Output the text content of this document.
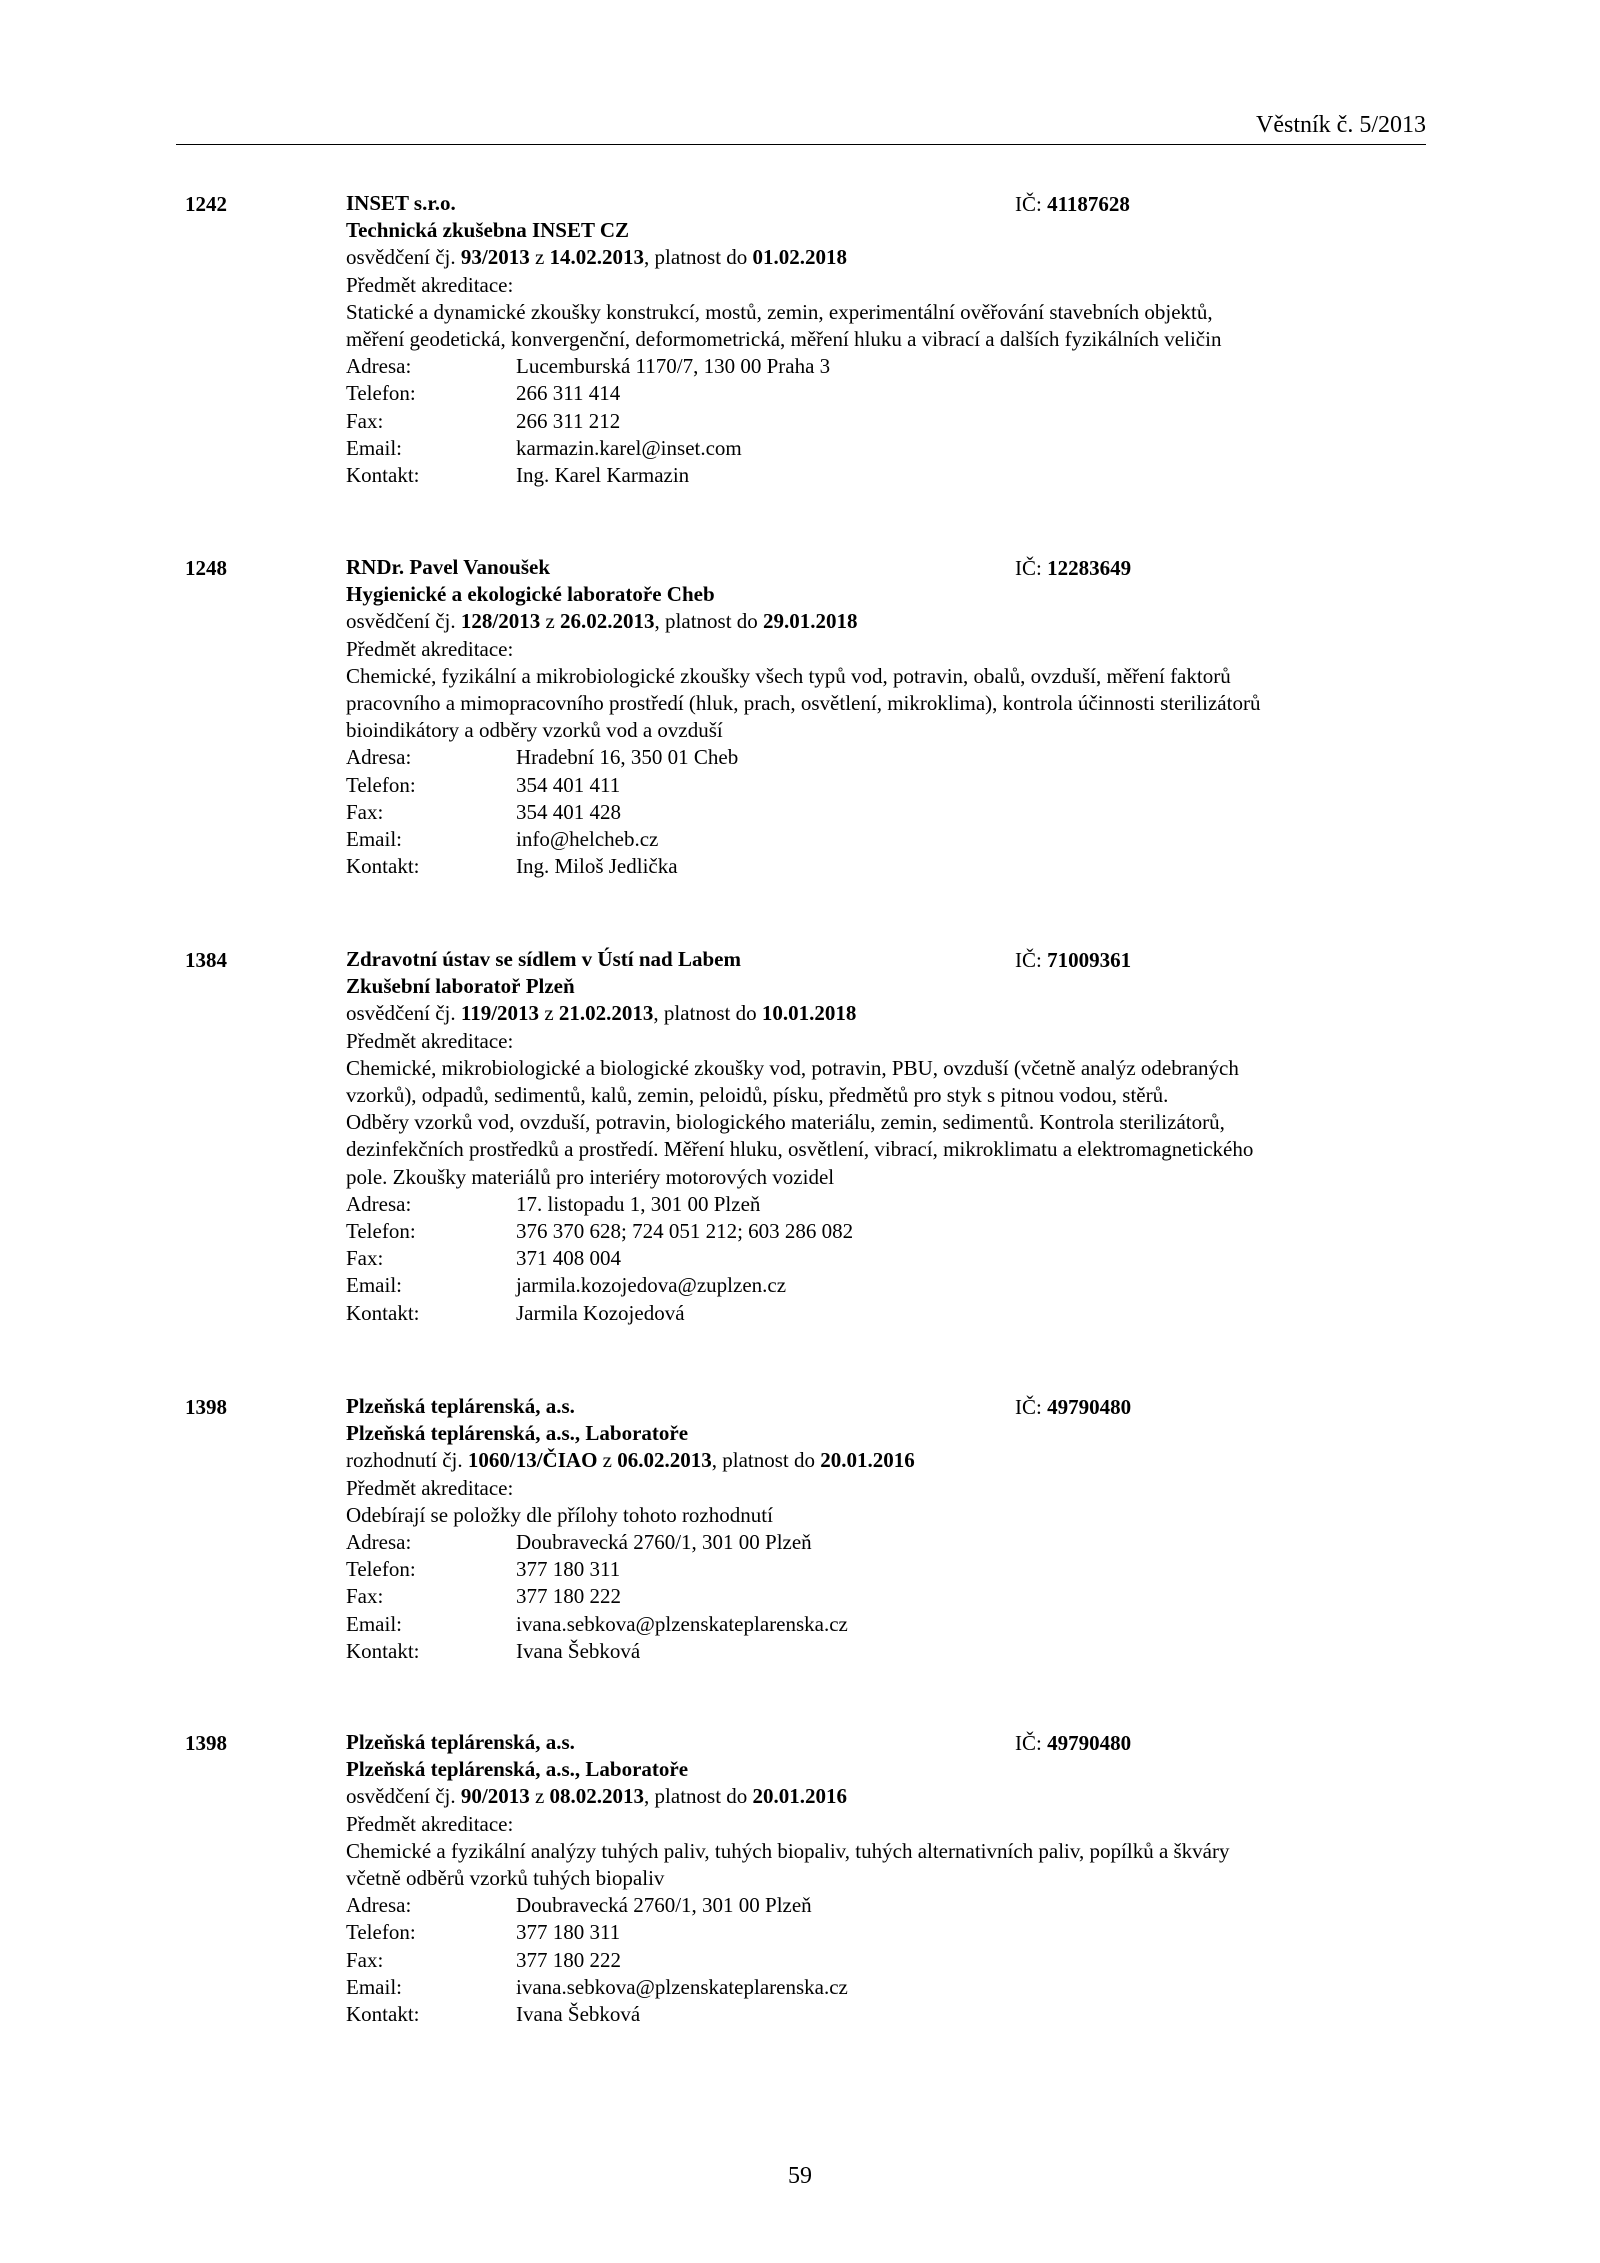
Věstník č. 5/2013
1242	INSET s.r.o.
Technická zkušebna INSET CZ
osvědčení čj. 93/2013 z 14.02.2013, platnost do 01.02.2018
Předmět akreditace:
Statické a dynamické zkoušky konstrukcí, mostů, zemin, experimentální ověřování stavebních objektů,
měření geodetická, konvergenční, deformometrická, měření hluku a vibrací a dalších fyzikálních veličin
Adresa:	Lucemburská 1170/7, 130 00 Praha 3
Telefon:	266 311 414
Fax:	266 311 212
Email:	karmazin.karel@inset.com
Kontakt:	Ing. Karel Karmazin
IČ: 41187628
1248	RNDr. Pavel Vanoušek
Hygienické a ekologické laboratoře Cheb
osvědčení čj. 128/2013 z 26.02.2013, platnost do 29.01.2018
Předmět akreditace:
Chemické, fyzikální a mikrobiologické zkoušky všech typů vod, potravin, obalů, ovzduší, měření faktorů
pracovního a mimopracovního prostředí (hluk, prach, osvětlení, mikroklima), kontrola účinnosti sterilizátorů
bioindikátory a odběry vzorků vod a ovzduší
Adresa:	Hradební 16, 350 01 Cheb
Telefon:	354 401 411
Fax:	354 401 428
Email:	info@helcheb.cz
Kontakt:	Ing. Miloš Jedlička
IČ: 12283649
1384	Zdravotní ústav se sídlem v Ústí nad Labem
Zkušební laboratoř Plzeň
osvědčení čj. 119/2013 z 21.02.2013, platnost do 10.01.2018
Předmět akreditace:
Chemické, mikrobiologické a biologické zkoušky vod, potravin, PBU, ovzduší (včetně analýz odebraných
vzorků), odpadů, sedimentů, kalů, zemin, peloidů, písku, předmětů pro styk s pitnou vodou, stěrů.
Odběry vzorků vod, ovzduší, potravin, biologického materiálu, zemin, sedimentů. Kontrola sterilizátorů,
dezinfekčních prostředků a prostředí. Měření hluku, osvětlení, vibrací, mikroklimatu a elektromagnetického
pole. Zkoušky materiálů pro interiéry motorových vozidel
Adresa:	17. listopadu 1, 301 00 Plzeň
Telefon:	376 370 628; 724 051 212; 603 286 082
Fax:	371 408 004
Email:	jarmila.kozojedova@zuplzen.cz
Kontakt:	Jarmila Kozojedová
IČ: 71009361
1398	Plzeňská teplárenská, a.s.
Plzeňská teplárenská, a.s., Laboratoře
rozhodnutí čj. 1060/13/ČIAO z 06.02.2013, platnost do 20.01.2016
Předmět akreditace:
Odebírají se položky dle přílohy tohoto rozhodnutí
Adresa:	Doubravecká 2760/1, 301 00 Plzeň
Telefon:	377 180 311
Fax:	377 180 222
Email:	ivana.sebkova@plzenskateplarenska.cz
Kontakt:	Ivana Šebková
IČ: 49790480
1398	Plzeňská teplárenská, a.s.
Plzeňská teplárenská, a.s., Laboratoře
osvědčení čj. 90/2013 z 08.02.2013, platnost do 20.01.2016
Předmět akreditace:
Chemické a fyzikální analýzy tuhých paliv, tuhých biopaliv, tuhých alternativních paliv, popílků a škváry
včetně odběrů vzorků tuhých biopaliv
Adresa:	Doubravecká 2760/1, 301 00 Plzeň
Telefon:	377 180 311
Fax:	377 180 222
Email:	ivana.sebkova@plzenskateplarenska.cz
Kontakt:	Ivana Šebková
IČ: 49790480
59
